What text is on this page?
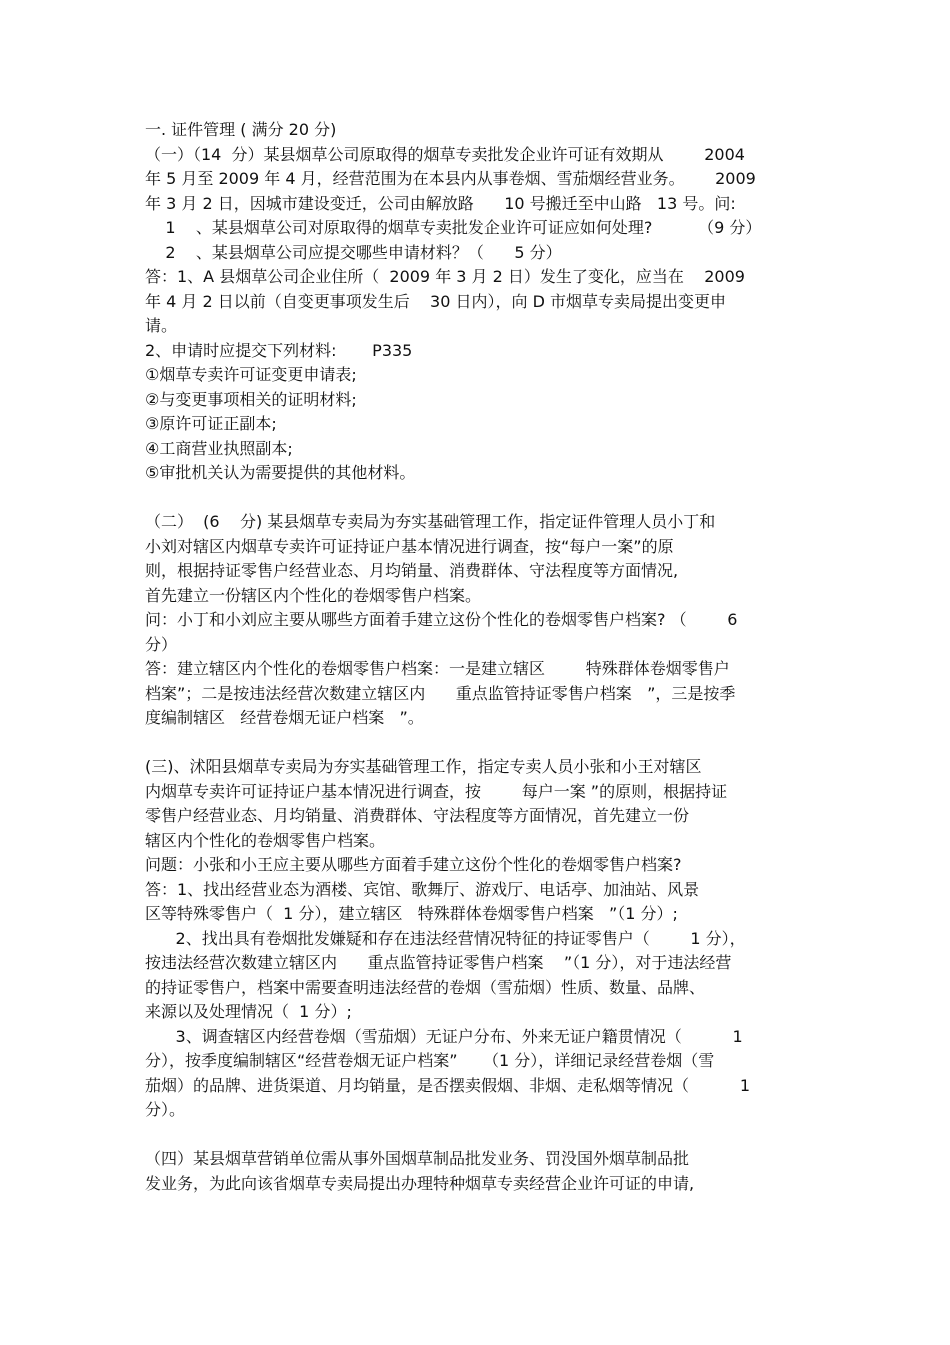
一. 证件管理 ( 满分 20 分)
（一）（14  分）某县烟草公司原取得的烟草专卖批发企业许可证有效期从        2004
年 5 月至 2009 年 4 月，经营范围为在本县内从事卷烟、雪茄烟经营业务。      2009
年 3 月 2 日，因城市建设变迁，公司由解放路      10 号搬迁至中山路   13 号。问:
1    、某县烟草公司对原取得的烟草专卖批发企业许可证应如何处理?         （9 分）
2    、某县烟草公司应提交哪些申请材料？（      5 分）
答：1、A 县烟草公司企业住所（  2009 年 3 月 2 日）发生了变化，应当在    2009
年 4 月 2 日以前（自变更事项发生后    30 日内），向 D 市烟草专卖局提出变更申
请。
2、申请时应提交下列材料:       P335
①烟草专卖许可证变更申请表;
②与变更事项相关的证明材料;
③原许可证正副本;
④工商营业执照副本;
⑤审批机关认为需要提供的其他材料。
（二）  (6    分) 某县烟草专卖局为夯实基础管理工作，指定证件管理人员小丁和
小刘对辖区内烟草专卖许可证持证户基本情况进行调查，按“每户一案”的原
则，根据持证零售户经营业态、月均销量、消费群体、守法程度等方面情况,
首先建立一份辖区内个性化的卷烟零售户档案。
问：小丁和小刘应主要从哪些方面着手建立这份个性化的卷烟零售户档案? （        6
分）
答：建立辖区内个性化的卷烟零售户档案：一是建立辖区        特殊群体卷烟零售户
档案”；二是按违法经营次数建立辖区内      重点监管持证零售户档案   ”，三是按季
度编制辖区   经营卷烟无证户档案   ”。
(三)、沭阳县烟草专卖局为夯实基础管理工作，指定专卖人员小张和小王对辖区
内烟草专卖许可证持证户基本情况进行调查，按        每户一案 ”的原则，根据持证
零售户经营业态、月均销量、消费群体、守法程度等方面情况，首先建立一份
辖区内个性化的卷烟零售户档案。
问题：小张和小王应主要从哪些方面着手建立这份个性化的卷烟零售户档案?
答：1、找出经营业态为酒楼、宾馆、歌舞厅、游戏厅、电话亭、加油站、风景
区等特殊零售户（  1 分），建立辖区   特殊群体卷烟零售户档案   ”（1 分）;
2、找出具有卷烟批发嫌疑和存在违法经营情况特征的持证零售户（        1 分），
按违法经营次数建立辖区内      重点监管持证零售户档案    ”（1 分），对于违法经营
的持证零售户，档案中需要查明违法经营的卷烟（雪茄烟）性质、数量、品牌、
来源以及处理情况（  1 分）;
3、调查辖区内经营卷烟（雪茄烟）无证户分布、外来无证户籍贯情况（          1
分），按季度编制辖区“经营卷烟无证户档案”     （1 分），详细记录经营卷烟（雪
茄烟）的品牌、进货渠道、月均销量，是否摆卖假烟、非烟、走私烟等情况（          1
分）。
（四）某县烟草营销单位需从事外国烟草制品批发业务、罚没国外烟草制品批
发业务，为此向该省烟草专卖局提出办理特种烟草专卖经营企业许可证的申请,
